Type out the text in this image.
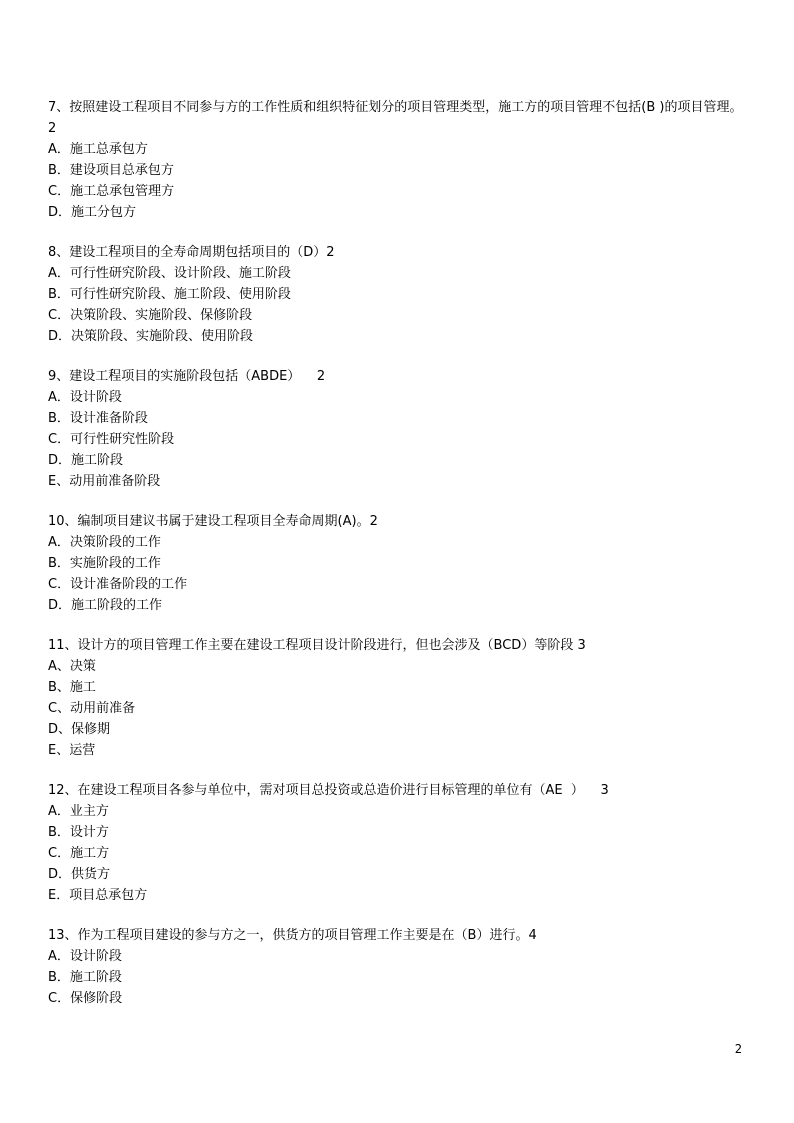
7、按照建设工程项目不同参与方的工作性质和组织特征划分的项目管理类型，施工方的项目管理不包括(B )的项目管理。2

A．施工总承包方

B．建设项目总承包方

C．施工总承包管理方

D．施工分包方

8、建设工程项目的全寿命周期包括项目的（D）2

A．可行性研究阶段、设计阶段、施工阶段

B．可行性研究阶段、施工阶段、使用阶段

C．决策阶段、实施阶段、保修阶段

D．决策阶段、实施阶段、使用阶段

9、建设工程项目的实施阶段包括（ABDE）    2

A．设计阶段

B．设计准备阶段

C．可行性研究性阶段

D．施工阶段

E、动用前准备阶段

10、编制项目建议书属于建设工程项目全寿命周期(A)。2

A．决策阶段的工作

B．实施阶段的工作

C．设计准备阶段的工作

D．施工阶段的工作

11、设计方的项目管理工作主要在建设工程项目设计阶段进行，但也会涉及（BCD）等阶段 3

A、决策

B、施工

C、动用前准备

D、保修期

E、运营

12、在建设工程项目各参与单位中，需对项目总投资或总造价进行目标管理的单位有（AE  ）    3

A．业主方

B．设计方

C．施工方

D．供货方

E．项目总承包方

13、作为工程项目建设的参与方之一，供货方的项目管理工作主要是在（B）进行。4

A．设计阶段

B．施工阶段

C．保修阶段

2
